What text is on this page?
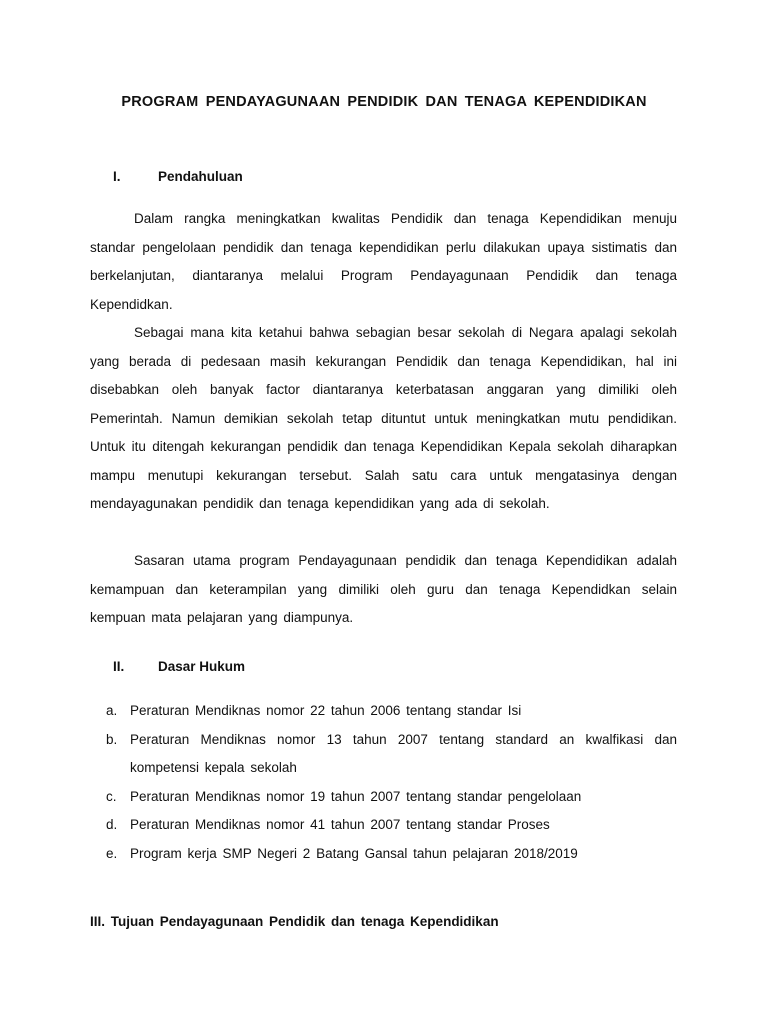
PROGRAM PENDAYAGUNAAN PENDIDIK DAN TENAGA KEPENDIDIKAN
I.	Pendahuluan
Dalam rangka meningkatkan kwalitas Pendidik dan tenaga Kependidikan menuju standar pengelolaan pendidik dan tenaga kependidikan perlu dilakukan upaya sistimatis dan berkelanjutan, diantaranya melalui Program Pendayagunaan Pendidik dan tenaga Kependidkan.
Sebagai mana kita ketahui bahwa sebagian besar sekolah di Negara apalagi sekolah yang berada di pedesaan masih kekurangan Pendidik dan tenaga Kependidikan, hal ini disebabkan oleh banyak factor diantaranya keterbatasan anggaran yang dimiliki oleh Pemerintah. Namun demikian sekolah tetap dituntut untuk meningkatkan mutu pendidikan. Untuk itu ditengah kekurangan pendidik dan tenaga Kependidikan Kepala sekolah diharapkan mampu menutupi kekurangan tersebut. Salah satu cara untuk mengatasinya dengan mendayagunakan pendidik dan tenaga kependidikan yang ada di sekolah.
Sasaran utama program Pendayagunaan pendidik dan tenaga Kependidikan adalah kemampuan dan keterampilan yang dimiliki oleh guru dan tenaga Kependidkan selain kempuan mata pelajaran yang diampunya.
II. Dasar Hukum
a. Peraturan Mendiknas nomor 22 tahun 2006 tentang standar Isi
b. Peraturan Mendiknas nomor 13 tahun 2007 tentang standard an kwalfikasi dan kompetensi kepala sekolah
c. Peraturan Mendiknas nomor 19 tahun 2007 tentang standar pengelolaan
d. Peraturan Mendiknas nomor 41 tahun 2007 tentang standar Proses
e. Program kerja SMP Negeri 2 Batang Gansal tahun pelajaran 2018/2019
III. Tujuan Pendayagunaan Pendidik dan tenaga Kependidikan
